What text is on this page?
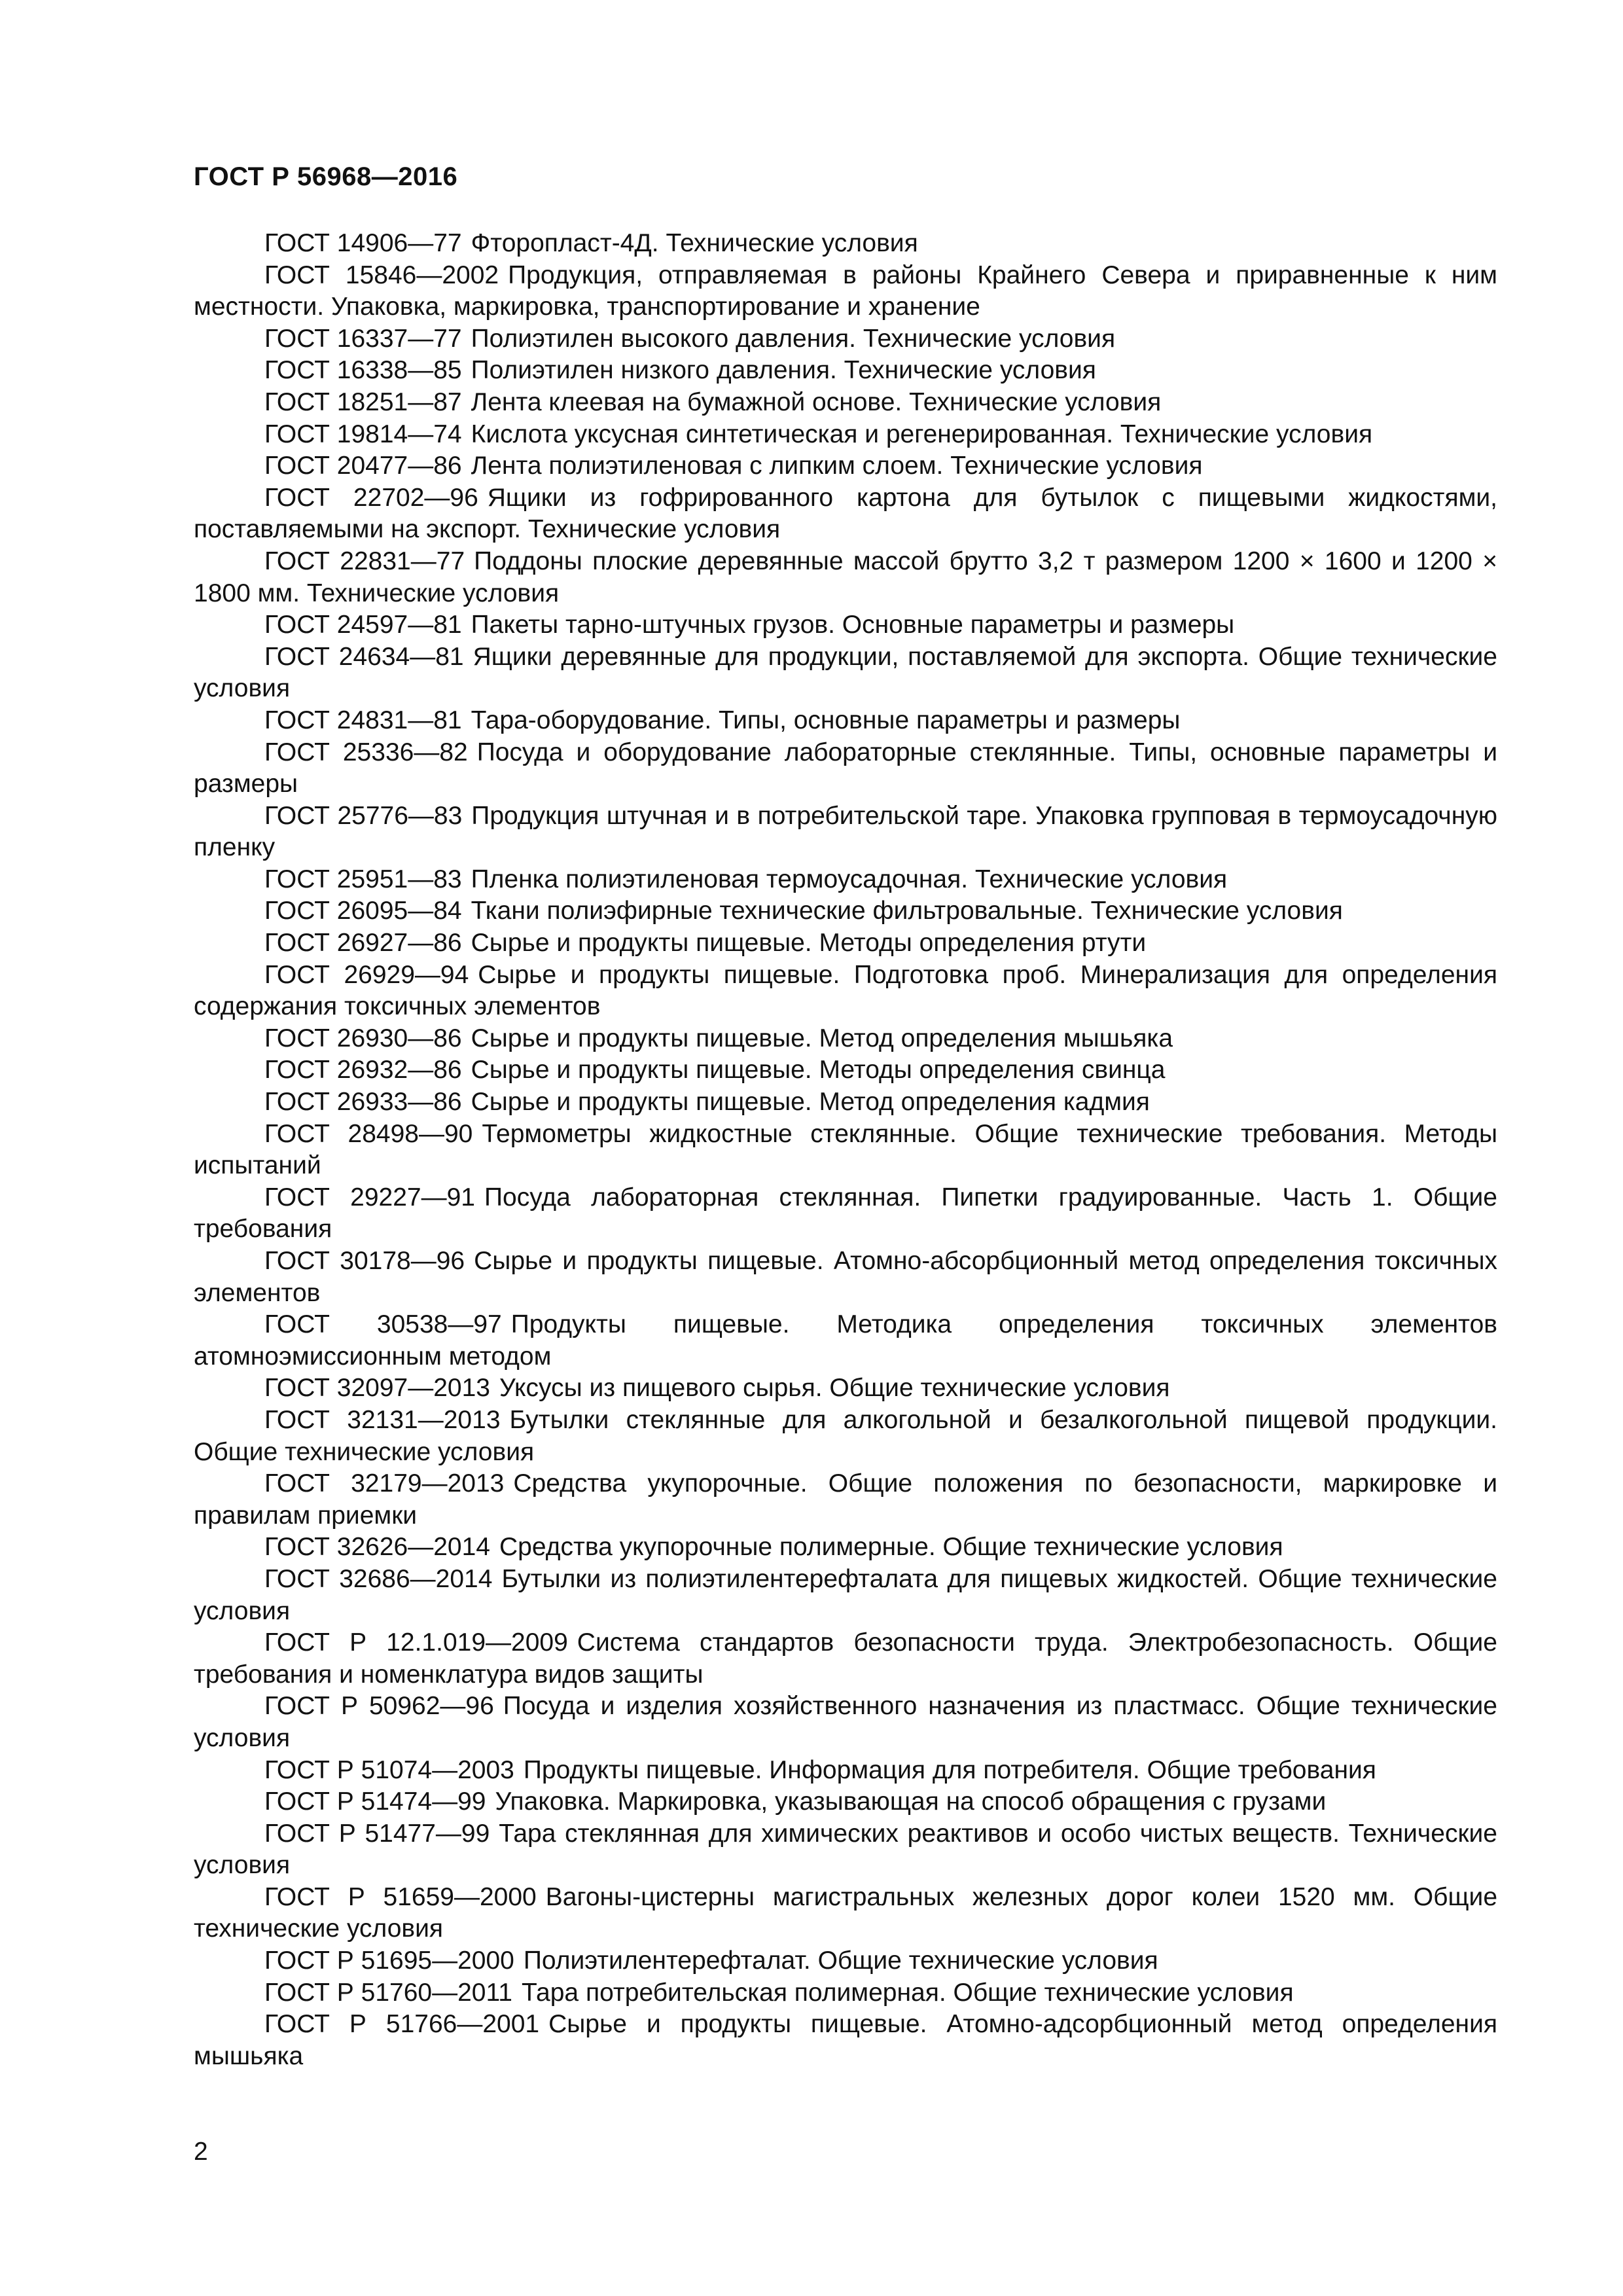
ГОСТ Р 56968—2016

ГОСТ 14906—77 Фторопласт-4Д. Технические условия

ГОСТ 15846—2002 Продукция, отправляемая в районы Крайнего Севера и приравненные к ним местности. Упаковка, маркировка, транспортирование и хранение

ГОСТ 16337—77 Полиэтилен высокого давления. Технические условия

ГОСТ 16338—85 Полиэтилен низкого давления. Технические условия

ГОСТ 18251—87 Лента клеевая на бумажной основе. Технические условия

ГОСТ 19814—74 Кислота уксусная синтетическая и регенерированная. Технические условия

ГОСТ 20477—86 Лента полиэтиленовая с липким слоем. Технические условия

ГОСТ 22702—96 Ящики из гофрированного картона для бутылок с пищевыми жидкостями, поставляемыми на экспорт. Технические условия

ГОСТ 22831—77 Поддоны плоские деревянные массой брутто 3,2 т размером 1200 × 1600 и 1200 × 1800 мм. Технические условия

ГОСТ 24597—81 Пакеты тарно-штучных грузов. Основные параметры и размеры

ГОСТ 24634—81 Ящики деревянные для продукции, поставляемой для экспорта. Общие технические условия

ГОСТ 24831—81 Тара-оборудование. Типы, основные параметры и размеры

ГОСТ 25336—82 Посуда и оборудование лабораторные стеклянные. Типы, основные параметры и размеры

ГОСТ 25776—83 Продукция штучная и в потребительской таре. Упаковка групповая в термоусадочную пленку

ГОСТ 25951—83 Пленка полиэтиленовая термоусадочная. Технические условия

ГОСТ 26095—84 Ткани полиэфирные технические фильтровальные. Технические условия

ГОСТ 26927—86 Сырье и продукты пищевые. Методы определения ртути

ГОСТ 26929—94 Сырье и продукты пищевые. Подготовка проб. Минерализация для определения содержания токсичных элементов

ГОСТ 26930—86 Сырье и продукты пищевые. Метод определения мышьяка

ГОСТ 26932—86 Сырье и продукты пищевые. Методы определения свинца

ГОСТ 26933—86 Сырье и продукты пищевые. Метод определения кадмия

ГОСТ 28498—90 Термометры жидкостные стеклянные. Общие технические требования. Методы испытаний

ГОСТ 29227—91 Посуда лабораторная стеклянная. Пипетки градуированные. Часть 1. Общие требования

ГОСТ 30178—96 Сырье и продукты пищевые. Атомно-абсорбционный метод определения токсичных элементов

ГОСТ 30538—97 Продукты пищевые. Методика определения токсичных элементов атомноэмиссионным методом

ГОСТ 32097—2013 Уксусы из пищевого сырья. Общие технические условия

ГОСТ 32131—2013 Бутылки стеклянные для алкогольной и безалкогольной пищевой продукции. Общие технические условия

ГОСТ 32179—2013 Средства укупорочные. Общие положения по безопасности, маркировке и правилам приемки

ГОСТ 32626—2014 Средства укупорочные полимерные. Общие технические условия

ГОСТ 32686—2014 Бутылки из полиэтилентерефталата для пищевых жидкостей. Общие технические условия

ГОСТ Р 12.1.019—2009 Система стандартов безопасности труда. Электробезопасность. Общие требования и номенклатура видов защиты

ГОСТ Р 50962—96 Посуда и изделия хозяйственного назначения из пластмасс. Общие технические условия

ГОСТ Р 51074—2003 Продукты пищевые. Информация для потребителя. Общие требования

ГОСТ Р 51474—99 Упаковка. Маркировка, указывающая на способ обращения с грузами

ГОСТ Р 51477—99 Тара стеклянная для химических реактивов и особо чистых веществ. Технические условия

ГОСТ Р 51659—2000 Вагоны-цистерны магистральных железных дорог колеи 1520 мм. Общие технические условия

ГОСТ Р 51695—2000 Полиэтилентерефталат. Общие технические условия

ГОСТ Р 51760—2011 Тара потребительская полимерная. Общие технические условия

ГОСТ Р 51766—2001 Сырье и продукты пищевые. Атомно-адсорбционный метод определения мышьяка

2
